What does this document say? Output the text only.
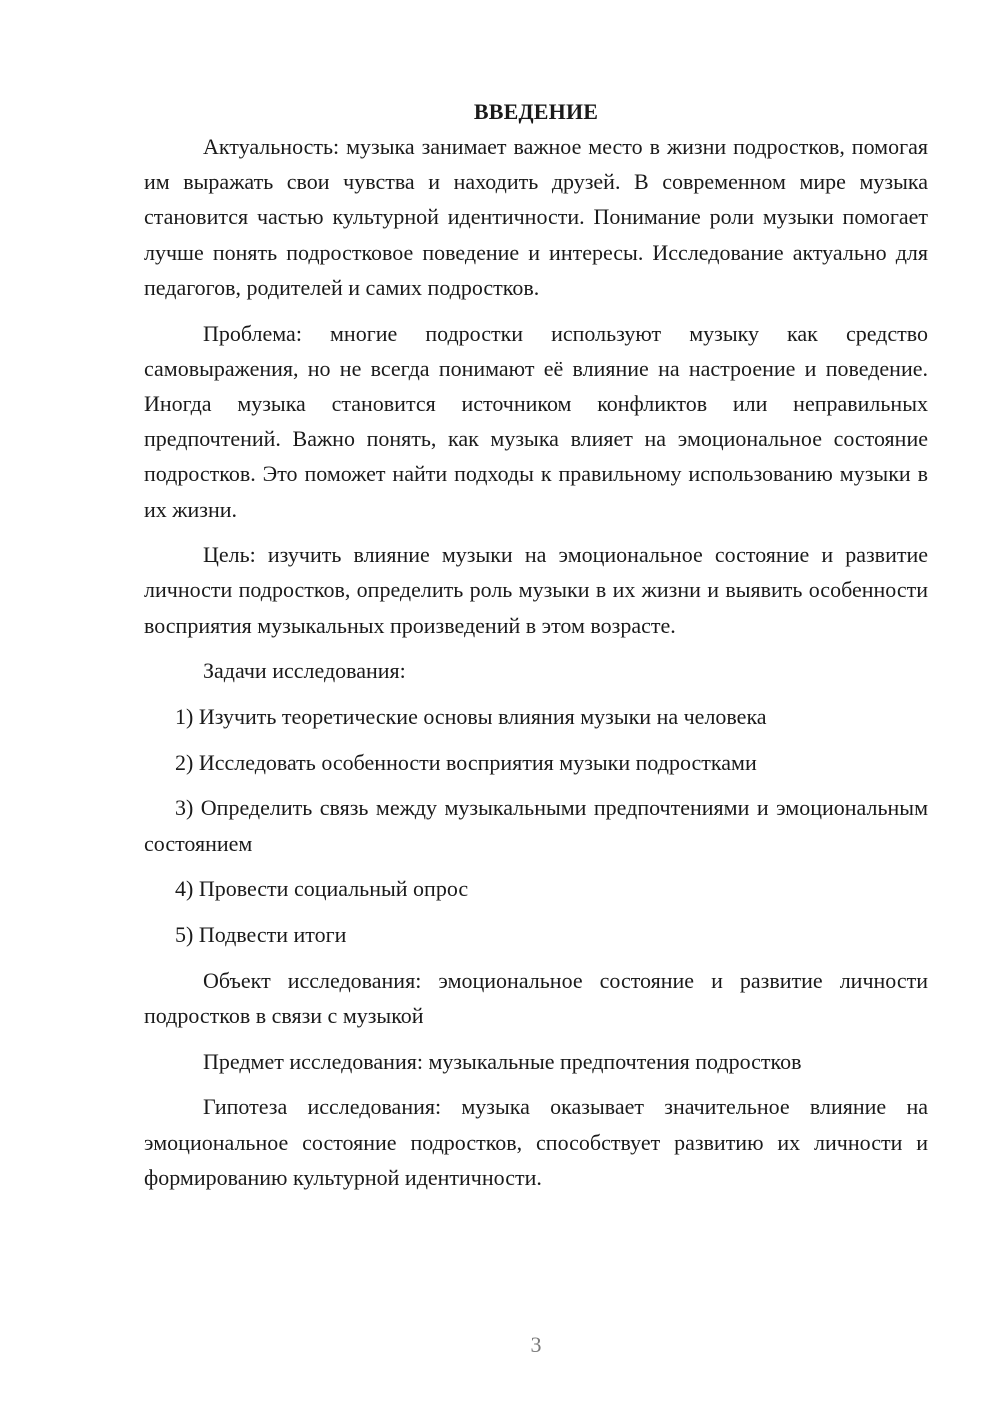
ВВЕДЕНИЕ

Актуальность: музыка занимает важное место в жизни подростков, помогая им выражать свои чувства и находить друзей. В современном мире музыка становится частью культурной идентичности. Понимание роли музыки помогает лучше понять подростковое поведение и интересы. Исследование актуально для педагогов, родителей и самих подростков.

Проблема: многие подростки используют музыку как средство самовыражения, но не всегда понимают её влияние на настроение и поведение. Иногда музыка становится источником конфликтов или неправильных предпочтений. Важно понять, как музыка влияет на эмоциональное состояние подростков. Это поможет найти подходы к правильному использованию музыки в их жизни.

Цель: изучить влияние музыки на эмоциональное состояние и развитие личности подростков, определить роль музыки в их жизни и выявить особенности восприятия музыкальных произведений в этом возрасте.

Задачи исследования:

1) Изучить теоретические основы влияния музыки на человека

2) Исследовать особенности восприятия музыки подростками

3) Определить связь между музыкальными предпочтениями и эмоциональным состоянием

4) Провести социальный опрос

5) Подвести итоги

Объект исследования: эмоциональное состояние и развитие личности подростков в связи с музыкой

Предмет исследования: музыкальные предпочтения подростков

Гипотеза исследования: музыка оказывает значительное влияние на эмоциональное состояние подростков, способствует развитию их личности и формированию культурной идентичности.

3
